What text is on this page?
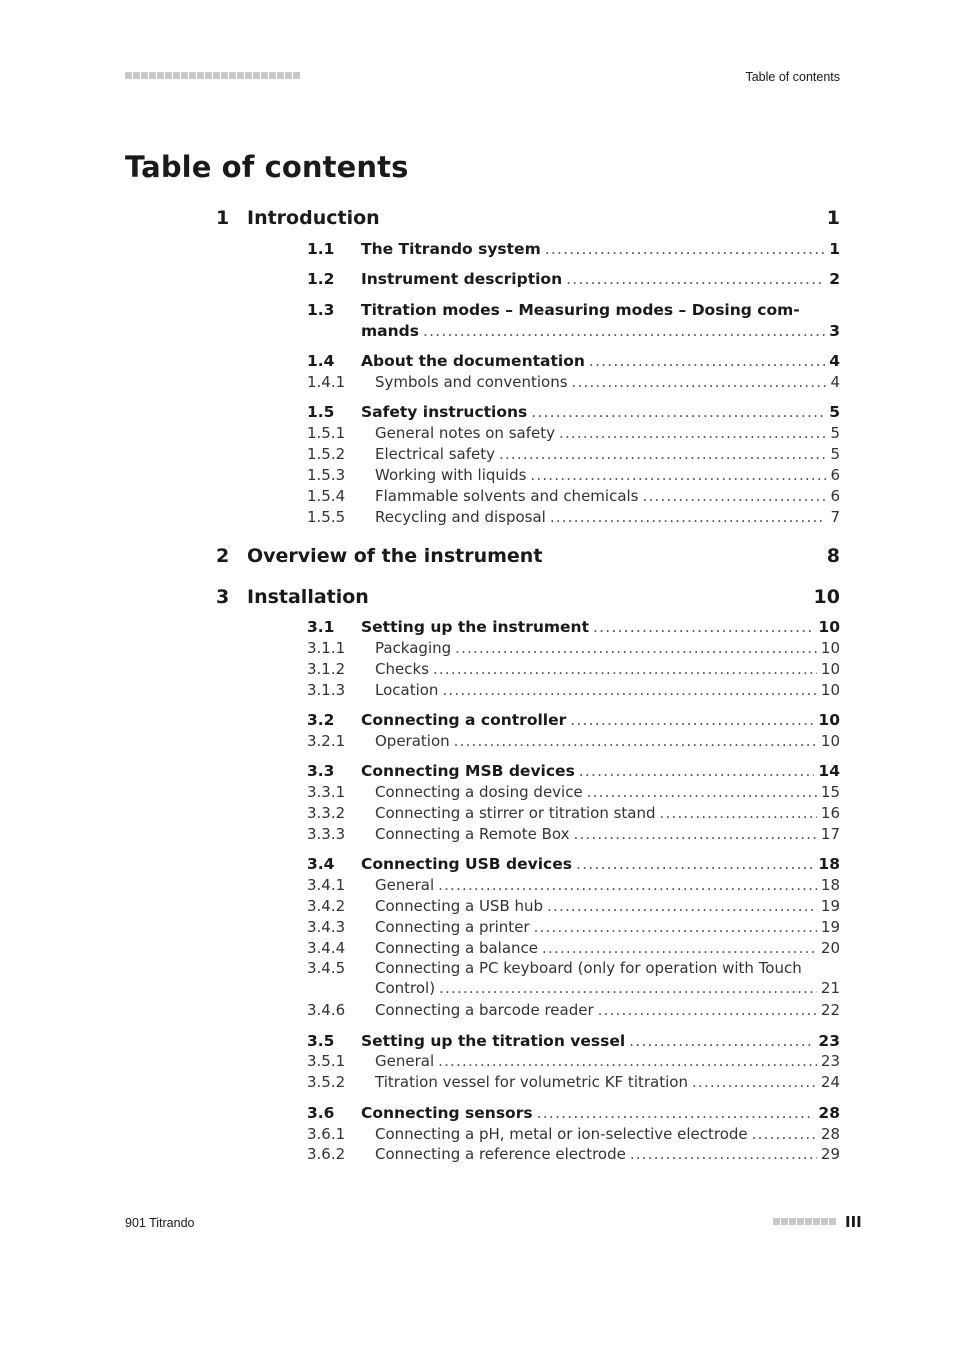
Table of contents
Table of contents
1 Introduction	1
1.1	The Titrando system .....	1
1.2	Instrument description .....	2
1.3	Titration modes – Measuring modes – Dosing com-
mands .....	3
1.4	About the documentation .....	4
1.4.1	Symbols and conventions .....	4
1.5	Safety instructions .....	5
1.5.1	General notes on safety .....	5
1.5.2	Electrical safety .....	5
1.5.3	Working with liquids .....	6
1.5.4	Flammable solvents and chemicals .....	6
1.5.5	Recycling and disposal .....	7
2 Overview of the instrument	8
3 Installation	10
3.1	Setting up the instrument .....	10
3.1.1	Packaging .....	10
3.1.2	Checks .....	10
3.1.3	Location .....	10
3.2	Connecting a controller .....	10
3.2.1	Operation .....	10
3.3	Connecting MSB devices .....	14
3.3.1	Connecting a dosing device .....	15
3.3.2	Connecting a stirrer or titration stand .....	16
3.3.3	Connecting a Remote Box .....	17
3.4	Connecting USB devices .....	18
3.4.1	General .....	18
3.4.2	Connecting a USB hub .....	19
3.4.3	Connecting a printer .....	19
3.4.4	Connecting a balance .....	20
3.4.5	Connecting a PC keyboard (only for operation with Touch
Control) .....	21
3.4.6	Connecting a barcode reader .....	22
3.5	Setting up the titration vessel .....	23
3.5.1	General .....	23
3.5.2	Titration vessel for volumetric KF titration .....	24
3.6	Connecting sensors .....	28
3.6.1	Connecting a pH, metal or ion-selective electrode .....	28
3.6.2	Connecting a reference electrode .....	29
901 Titrando	III
